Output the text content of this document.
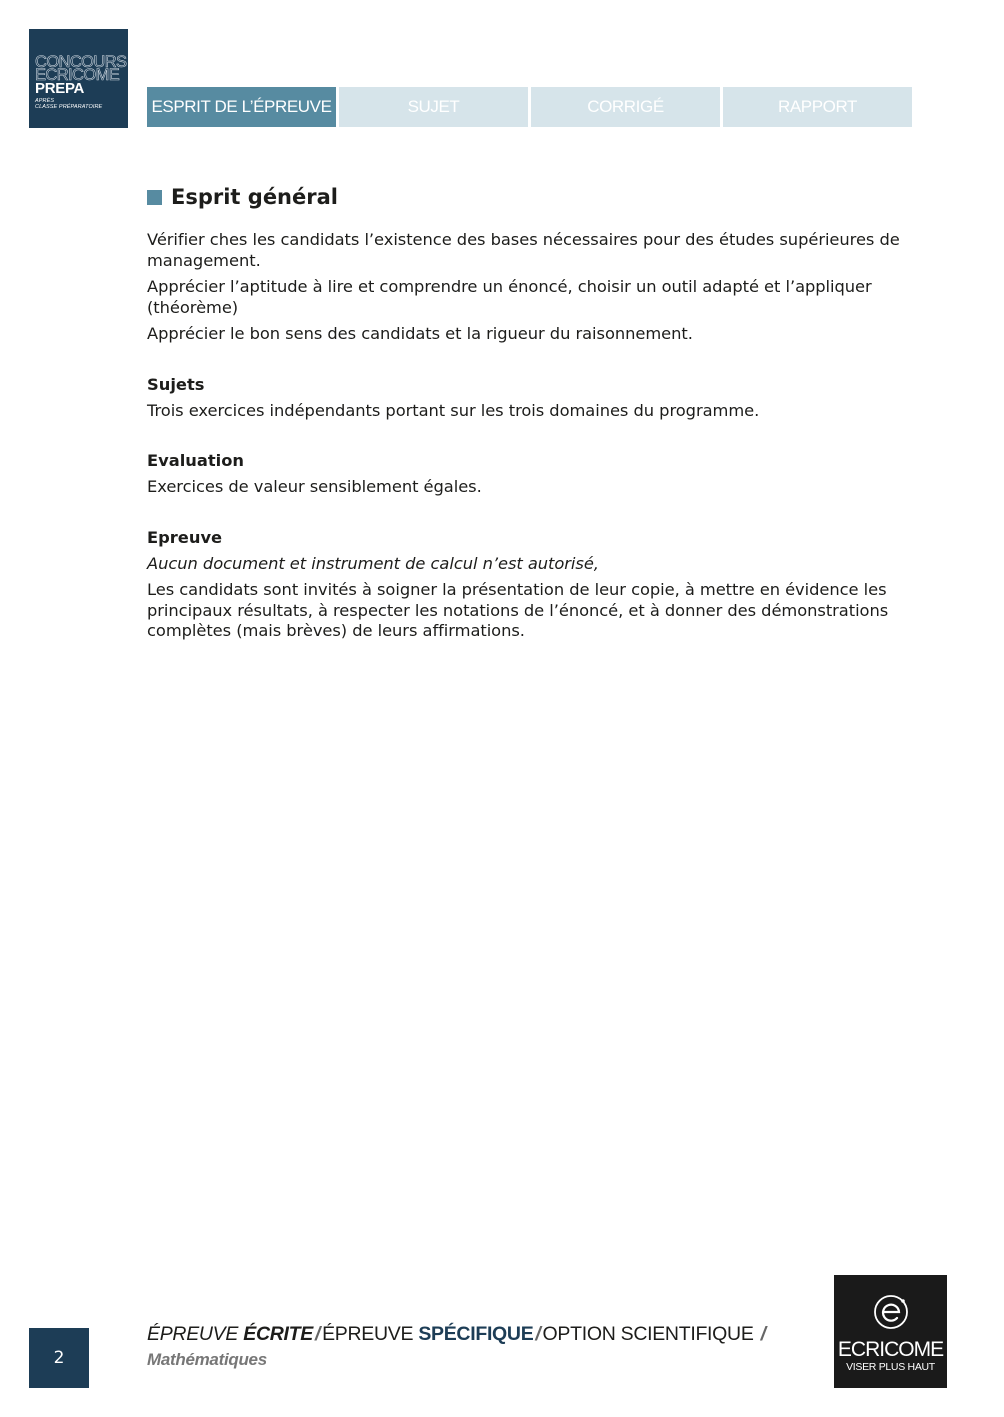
CONCOURS
ECRICOME
PREPA
APRÈS
CLASSE PRÉPARATOIRE	ESPRIT DE L’ÉPREUVE	SUJET	CORRIGÉ	RAPPORT
Esprit général

Vérifier ches les candidats l’existence des bases nécessaires pour des études supérieures de management.

Apprécier l’aptitude à lire et comprendre un énoncé, choisir un outil adapté et l’appliquer (théorème)

Apprécier le bon sens des candidats et la rigueur du raisonnement.

Sujets

Trois exercices indépendants portant sur les trois domaines du programme.

Evaluation

Exercices de valeur sensiblement égales.

Epreuve

Aucun document et instrument de calcul n’est autorisé,

Les candidats sont invités à soigner la présentation de leur copie, à mettre en évidence les principaux résultats, à respecter les notations de l’énoncé, et à donner des démonstrations complètes (mais brèves) de leurs affirmations.

2
ÉPREUVE ÉCRITE / ÉPREUVE SPÉCIFIQUE / OPTION SCIENTIFIQUE /
Mathématiques	ECRICOME
VISER PLUS HAUT
